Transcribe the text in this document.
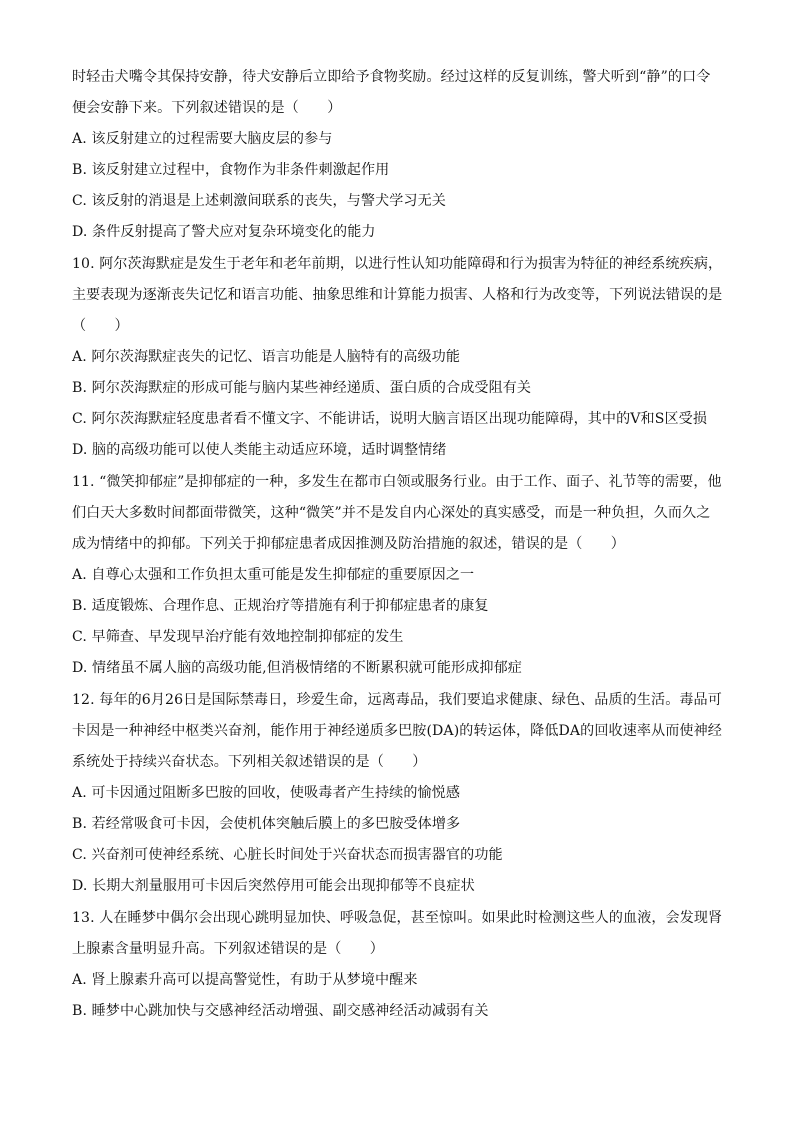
时轻击犬嘴令其保持安静，待犬安静后立即给予食物奖励。经过这样的反复训练，警犬听到“静”的口令
便会安静下来。下列叙述错误的是（　　）
A. 该反射建立的过程需要大脑皮层的参与
B. 该反射建立过程中，食物作为非条件刺激起作用
C. 该反射的消退是上述刺激间联系的丧失，与警犬学习无关
D. 条件反射提高了警犬应对复杂环境变化的能力
10. 阿尔茨海默症是发生于老年和老年前期，以进行性认知功能障碍和行为损害为特征的神经系统疾病，
主要表现为逐渐丧失记忆和语言功能、抽象思维和计算能力损害、人格和行为改变等，下列说法错误的是
（　　）
A. 阿尔茨海默症丧失的记忆、语言功能是人脑特有的高级功能
B. 阿尔茨海默症的形成可能与脑内某些神经递质、蛋白质的合成受阻有关
C. 阿尔茨海默症轻度患者看不懂文字、不能讲话，说明大脑言语区出现功能障碍，其中的V和S区受损
D. 脑的高级功能可以使人类能主动适应环境，适时调整情绪
11. “微笑抑郁症”是抑郁症的一种，多发生在都市白领或服务行业。由于工作、面子、礼节等的需要，他
们白天大多数时间都面带微笑，这种“微笑”并不是发自内心深处的真实感受，而是一种负担，久而久之
成为情绪中的抑郁。下列关于抑郁症患者成因推测及防治措施的叙述，错误的是（　　）
A. 自尊心太强和工作负担太重可能是发生抑郁症的重要原因之一
B. 适度锻炼、合理作息、正规治疗等措施有利于抑郁症患者的康复
C. 早筛查、早发现早治疗能有效地控制抑郁症的发生
D. 情绪虽不属人脑的高级功能,但消极情绪的不断累积就可能形成抑郁症
12. 每年的6月26日是国际禁毒日，珍爱生命，远离毒品，我们要追求健康、绿色、品质的生活。毒品可
卡因是一种神经中枢类兴奋剂，能作用于神经递质多巴胺(DA)的转运体，降低DA的回收速率从而使神经
系统处于持续兴奋状态。下列相关叙述错误的是（　　）
A. 可卡因通过阻断多巴胺的回收，使吸毒者产生持续的愉悦感
B. 若经常吸食可卡因，会使机体突触后膜上的多巴胺受体增多
C. 兴奋剂可使神经系统、心脏长时间处于兴奋状态而损害器官的功能
D. 长期大剂量服用可卡因后突然停用可能会出现抑郁等不良症状
13. 人在睡梦中偶尔会出现心跳明显加快、呼吸急促，甚至惊叫。如果此时检测这些人的血液，会发现肾
上腺素含量明显升高。下列叙述错误的是（　　）
A. 肾上腺素升高可以提高警觉性，有助于从梦境中醒来
B. 睡梦中心跳加快与交感神经活动增强、副交感神经活动减弱有关
